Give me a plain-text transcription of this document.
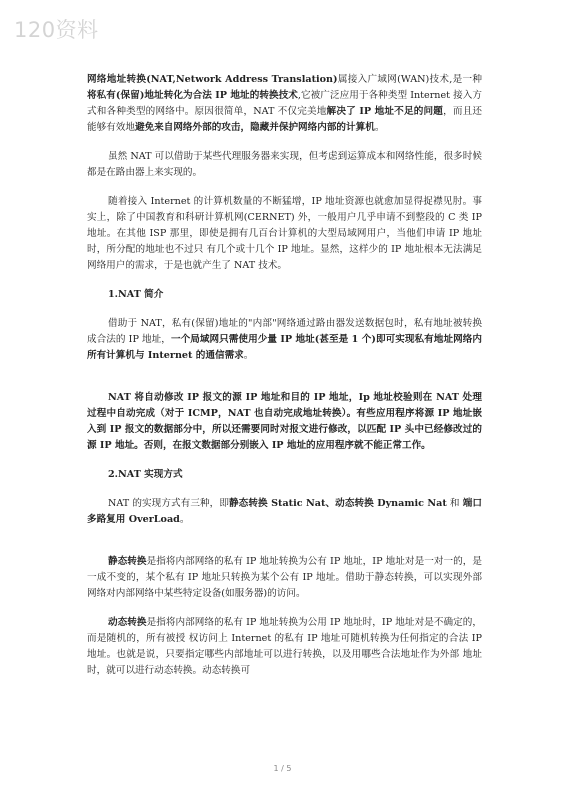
120资料

网络地址转换(NAT,Network Address Translation)属接入广域网(WAN)技术,是一种将私有(保留)地址转化为合法 IP 地址的转换技术,它被广泛应用于各种类型 Internet 接入方式和各种类型的网络中。原因很简单，NAT 不仅完美地解决了 IP 地址不足的问题，而且还能够有效地避免来自网络外部的攻击，隐藏并保护网络内部的计算机。

虽然 NAT 可以借助于某些代理服务器来实现，但考虑到运算成本和网络性能，很多时候都是在路由器上来实现的。

随着接入 Internet 的计算机数量的不断猛增，IP 地址资源也就愈加显得捉襟见肘。事实上，除了中国教育和科研计算机网(CERNET) 外，一般用户几乎申请不到整段的 C 类 IP 地址。在其他 ISP 那里，即使是拥有几百台计算机的大型局域网用户，当他们申请 IP 地址时，所分配的地址也不过只 有几个或十几个 IP 地址。显然，这样少的 IP 地址根本无法满足网络用户的需求，于是也就产生了 NAT 技术。

1.NAT 简介

借助于 NAT，私有(保留)地址的"内部"网络通过路由器发送数据包时，私有地址被转换成合法的 IP 地址，一个局域网只需使用少量 IP 地址(甚至是 1 个)即可实现私有地址网络内所有计算机与 Internet 的通信需求。

NAT 将自动修改 IP 报文的源 IP 地址和目的 IP 地址，Ip 地址校验则在 NAT 处理过程中自动完成（对于 ICMP，NAT 也自动完成地址转换）。有些应用程序将源 IP 地址嵌入到 IP 报文的数据部分中，所以还需要同时对报文进行修改，以匹配 IP 头中已经修改过的源 IP 地址。否则，在报文数据部分别嵌入 IP 地址的应用程序就不能正常工作。

2.NAT 实现方式

NAT 的实现方式有三种，即静态转换 Static Nat、动态转换 Dynamic Nat 和 端口多路复用 OverLoad。

静态转换是指将内部网络的私有 IP 地址转换为公有 IP 地址，IP 地址对是一对一的，是一成不变的，某个私有 IP 地址只转换为某个公有 IP 地址。借助于静态转换，可以实现外部网络对内部网络中某些特定设备(如服务器)的访问。

动态转换是指将内部网络的私有 IP 地址转换为公用 IP 地址时，IP 地址对是不确定的，而是随机的，所有被授 权访问上 Internet 的私有 IP 地址可随机转换为任何指定的合法 IP 地址。也就是说，只要指定哪些内部地址可以进行转换，以及用哪些合法地址作为外部 地址时，就可以进行动态转换。动态转换可

1 / 5
